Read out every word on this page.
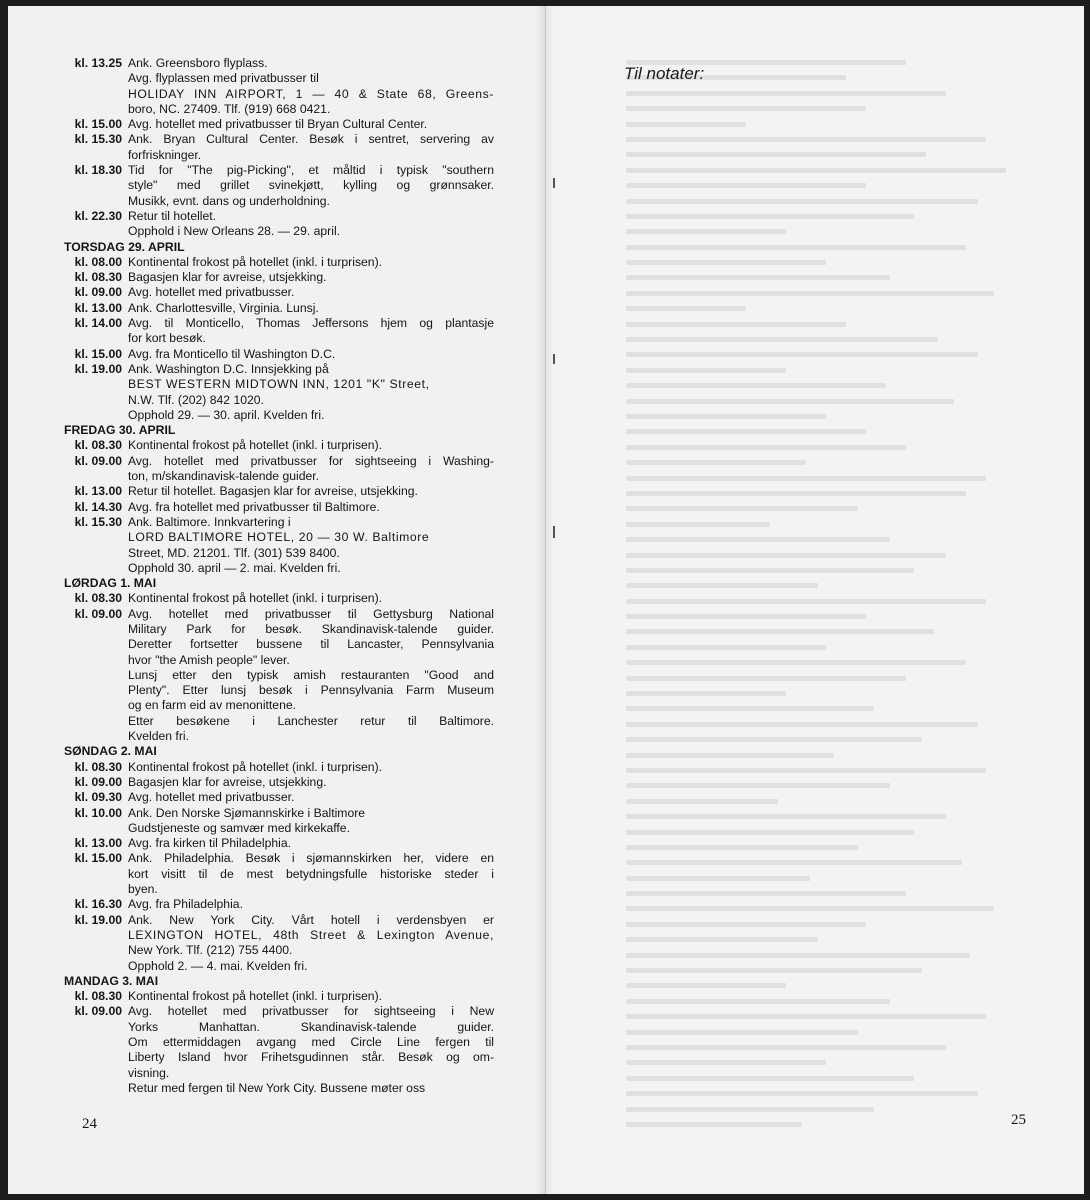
kl. 13.25 Ank. Greensboro flyplass.
Avg. flyplassen med privatbusser til
HOLIDAY INN AIRPORT, 1 — 40 & State 68, Greens-
boro, NC. 27409. Tlf. (919) 668 0421.
kl. 15.00 Avg. hotellet med privatbusser til Bryan Cultural Center.
kl. 15.30 Ank. Bryan Cultural Center. Besøk i sentret, servering av
forfriskninger.
kl. 18.30 Tid for "The pig-Picking", et måltid i typisk "southern
style" med grillet svinekjøtt, kylling og grønnsaker.
Musikk, evnt. dans og underholdning.
kl. 22.30 Retur til hotellet.
Opphold i New Orleans 28. — 29. april.
TORSDAG 29. APRIL
kl. 08.00 Kontinental frokost på hotellet (inkl. i turprisen).
kl. 08.30 Bagasjen klar for avreise, utsjekking.
kl. 09.00 Avg. hotellet med privatbusser.
kl. 13.00 Ank. Charlottesville, Virginia. Lunsj.
kl. 14.00 Avg. til Monticello, Thomas Jeffersons hjem og plantasje
for kort besøk.
kl. 15.00 Avg. fra Monticello til Washington D.C.
kl. 19.00 Ank. Washington D.C. Innsjekking på
BEST WESTERN MIDTOWN INN, 1201 "K" Street,
N.W. Tlf. (202) 842 1020.
Opphold 29. — 30. april. Kvelden fri.
FREDAG 30. APRIL
kl. 08.30 Kontinental frokost på hotellet (inkl. i turprisen).
kl. 09.00 Avg. hotellet med privatbusser for sightseeing i Washing-
ton, m/skandinavisk-talende guider.
kl. 13.00 Retur til hotellet. Bagasjen klar for avreise, utsjekking.
kl. 14.30 Avg. fra hotellet med privatbusser til Baltimore.
kl. 15.30 Ank. Baltimore. Innkvartering i
LORD BALTIMORE HOTEL, 20 — 30 W. Baltimore
Street, MD. 21201. Tlf. (301) 539 8400.
Opphold 30. april — 2. mai. Kvelden fri.
LØRDAG 1. MAI
kl. 08.30 Kontinental frokost på hotellet (inkl. i turprisen).
kl. 09.00 Avg. hotellet med privatbusser til Gettysburg National
Military Park for besøk. Skandinavisk-talende guider.
Deretter fortsetter bussene til Lancaster, Pennsylvania
hvor "the Amish people" lever.
Lunsj etter den typisk amish restauranten "Good and
Plenty". Etter lunsj besøk i Pennsylvania Farm Museum
og en farm eid av menonittene.
Etter besøkene i Lanchester retur til Baltimore.
Kvelden fri.
SØNDAG 2. MAI
kl. 08.30 Kontinental frokost på hotellet (inkl. i turprisen).
kl. 09.00 Bagasjen klar for avreise, utsjekking.
kl. 09.30 Avg. hotellet med privatbusser.
kl. 10.00 Ank. Den Norske Sjømannskirke i Baltimore
Gudstjeneste og samvær med kirkekaffe.
kl. 13.00 Avg. fra kirken til Philadelphia.
kl. 15.00 Ank. Philadelphia. Besøk i sjømannskirken her, videre en
kort visitt til de mest betydningsfulle historiske steder i
byen.
kl. 16.30 Avg. fra Philadelphia.
kl. 19.00 Ank. New York City. Vårt hotell i verdensbyen er
LEXINGTON HOTEL, 48th Street & Lexington Avenue,
New York. Tlf. (212) 755 4400.
Opphold 2. — 4. mai. Kvelden fri.
MANDAG 3. MAI
kl. 08.30 Kontinental frokost på hotellet (inkl. i turprisen).
kl. 09.00 Avg. hotellet med privatbusser for sightseeing i New
Yorks Manhattan. Skandinavisk-talende guider.
Om ettermiddagen avgang med Circle Line fergen til
Liberty Island hvor Frihetsgudinnen står. Besøk og om-
visning.
Retur med fergen til New York City. Bussene møter oss
24
Til notater:
25
